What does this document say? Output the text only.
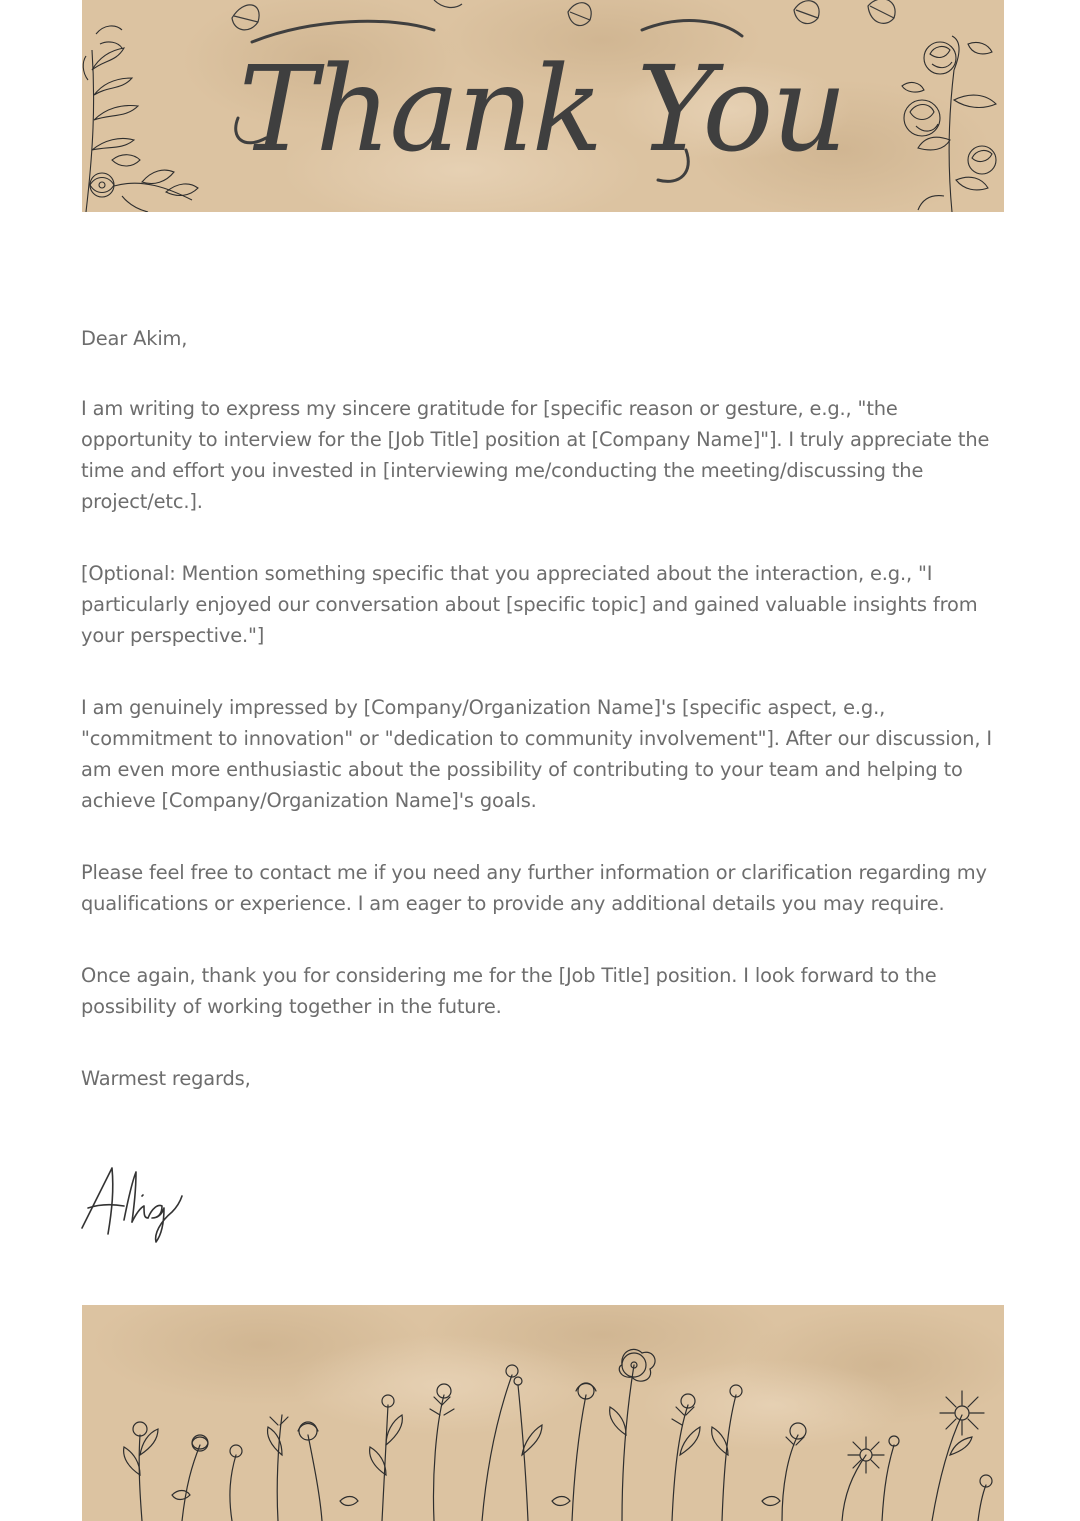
Thank You

Dear Akim,

I am writing to express my sincere gratitude for [specific reason or gesture, e.g., "the opportunity to interview for the [Job Title] position at [Company Name]"]. I truly appreciate the time and effort you invested in [interviewing me/conducting the meeting/discussing the project/etc.].

[Optional: Mention something specific that you appreciated about the interaction, e.g., "I particularly enjoyed our conversation about [specific topic] and gained valuable insights from your perspective."]

I am genuinely impressed by [Company/Organization Name]'s [specific aspect, e.g., "commitment to innovation" or "dedication to community involvement"]. After our discussion, I am even more enthusiastic about the possibility of contributing to your team and helping to achieve [Company/Organization Name]'s goals.

Please feel free to contact me if you need any further information or clarification regarding my qualifications or experience. I am eager to provide any additional details you may require.

Once again, thank you for considering me for the [Job Title] position. I look forward to the possibility of working together in the future.

Warmest regards,
